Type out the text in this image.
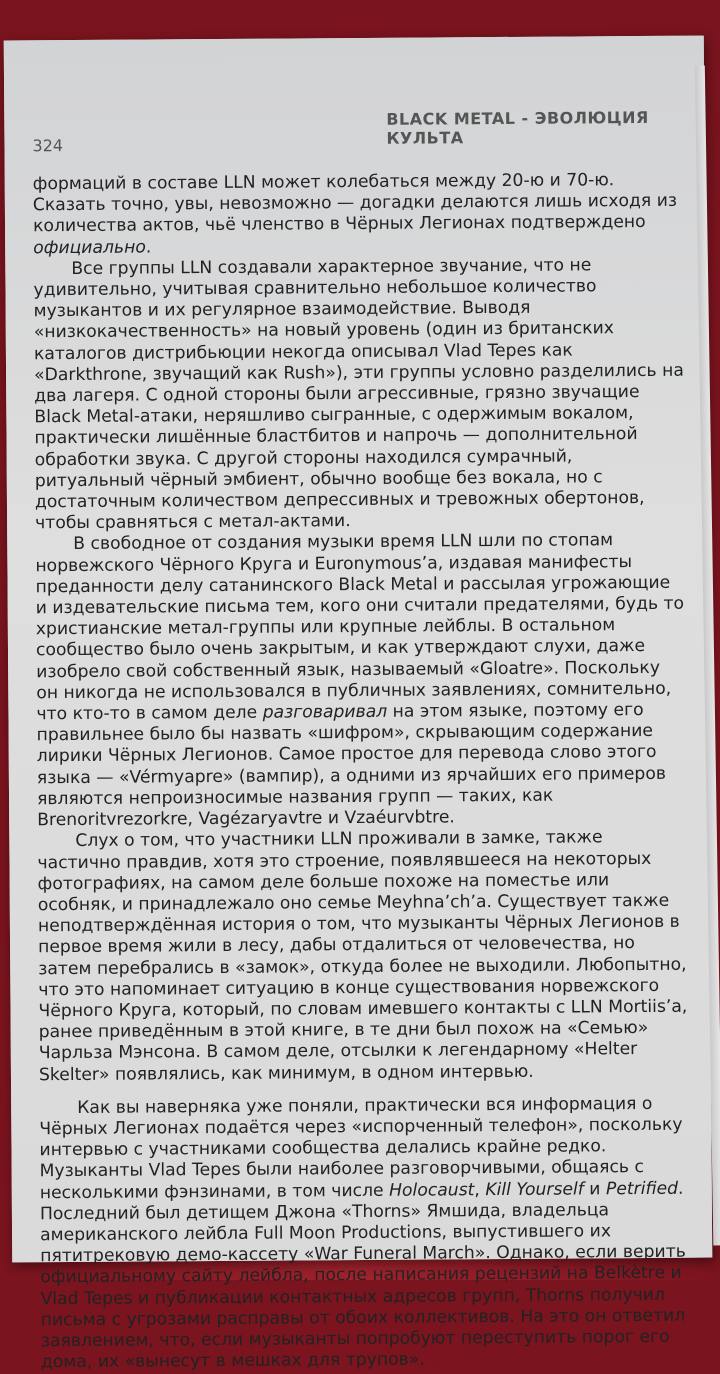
BLACK METAL - ЭВОЛЮЦИЯ КУЛЬТА
324

формаций в составе LLN может колебаться между 20-ю и 70-ю. Сказать точно, увы, невозможно — догадки делаются лишь исходя из количества актов, чьё членство в Чёрных Легионах подтверждено официально.

Все группы LLN создавали характерное звучание, что не удивительно, учитывая сравнительно небольшое количество музыкантов и их регулярное взаимодействие. Выводя «низкокачественность» на новый уровень (один из британских каталогов дистрибьюции некогда описывал Vlad Tepes как «Darkthrone, звучащий как Rush»), эти группы условно разделились на два лагеря. С одной стороны были агрессивные, грязно звучащие Black Metal-атаки, неряшливо сыгранные, с одержимым вокалом, практически лишённые бластбитов и напрочь — дополнительной обработки звука. С другой стороны находился сумрачный, ритуальный чёрный эмбиент, обычно вообще без вокала, но с достаточным количеством депрессивных и тревожных обертонов, чтобы сравняться с метал-актами.

В свободное от создания музыки время LLN шли по стопам норвежского Чёрного Круга и Euronymous’a, издавая манифесты преданности делу сатанинского Black Metal и рассылая угрожающие и издевательские письма тем, кого они считали предателями, будь то христианские метал-группы или крупные лейблы. В остальном сообщество было очень закрытым, и как утверждают слухи, даже изобрело свой собственный язык, называемый «Gloatre». Поскольку он никогда не использовался в публичных заявлениях, сомнительно, что кто-то в самом деле разговаривал на этом языке, поэтому его правильнее было бы назвать «шифром», скрывающим содержание лирики Чёрных Легионов. Самое простое для перевода слово этого языка — «Vérmyapre» (вампир), а одними из ярчайших его примеров являются непроизносимые названия групп — таких, как Brenoritvrezorkre, Vagézaryavtre и Vzaéurvbtre.

Слух о том, что участники LLN проживали в замке, также частично правдив, хотя это строение, появлявшееся на некоторых фотографиях, на самом деле больше похоже на поместье или особняк, и принадлежало оно семье Meyhna’ch’a. Существует также неподтверждённая история о том, что музыканты Чёрных Легионов в первое время жили в лесу, дабы отдалиться от человечества, но затем перебрались в «замок», откуда более не выходили. Любопытно, что это напоминает ситуацию в конце существования норвежского Чёрного Круга, который, по словам имевшего контакты с LLN Mortiis’a, ранее приведённым в этой книге, в те дни был похож на «Семью» Чарльза Мэнсона. В самом деле, отсылки к легендарному «Helter Skelter» появлялись, как минимум, в одном интервью.

Как вы наверняка уже поняли, практически вся информация о Чёрных Легионах подаётся через «испорченный телефон», поскольку интервью с участниками сообщества делались крайне редко. Музыканты Vlad Tepes были наиболее разговорчивыми, общаясь с несколькими фэнзинами, в том числе Holocaust, Kill Yourself и Petrified. Последний был детищем Джона «Thorns» Ямшида, владельца американского лейбла Full Moon Productions, выпустившего их пятитрековую демо-кассету «War Funeral March». Однако, если верить официальному сайту лейбла, после написания рецензий на Belkètre и Vlad Tepes и публикации контактных адресов групп, Thorns получил письма с угрозами расправы от обоих коллективов. На это он ответил заявлением, что, если музыканты попробуют переступить порог его дома, их «вынесут в мешках для трупов».
